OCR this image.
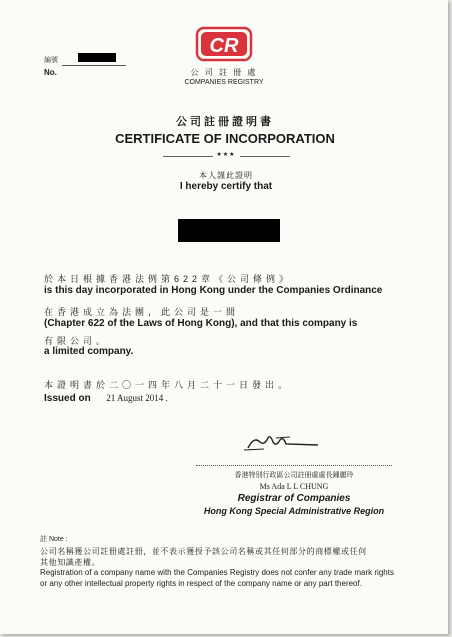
編號
No.
CR
公 司 註 冊 處
COMPANIES REGISTRY
公司註冊證明書
CERTIFICATE OF INCORPORATION
★★★
本人謹此證明
I hereby certify that
於本日根據香港法例第622章《公司條例》
is this day incorporated in Hong Kong under the Companies Ordinance
在香港成立為法團，此公司是一間
(Chapter 622 of the Laws of Hong Kong), and that this company is
有限公司。
a limited company.
本證明書於二〇一四年八月二十一日發出。
Issued on 21 August 2014 .
香港特別行政區公司註冊處處長鍾麗玲
Ms Ada L L CHUNG
Registrar of Companies
Hong Kong Special Administrative Region
註 Note :
公司名稱獲公司註冊處註冊，並不表示獲授予該公司名稱或其任何部分的商標權或任何
其他知識產權。
Registration of a company name with the Companies Registry does not confer any trade mark rights
or any other intellectual property rights in respect of the company name or any part thereof.
